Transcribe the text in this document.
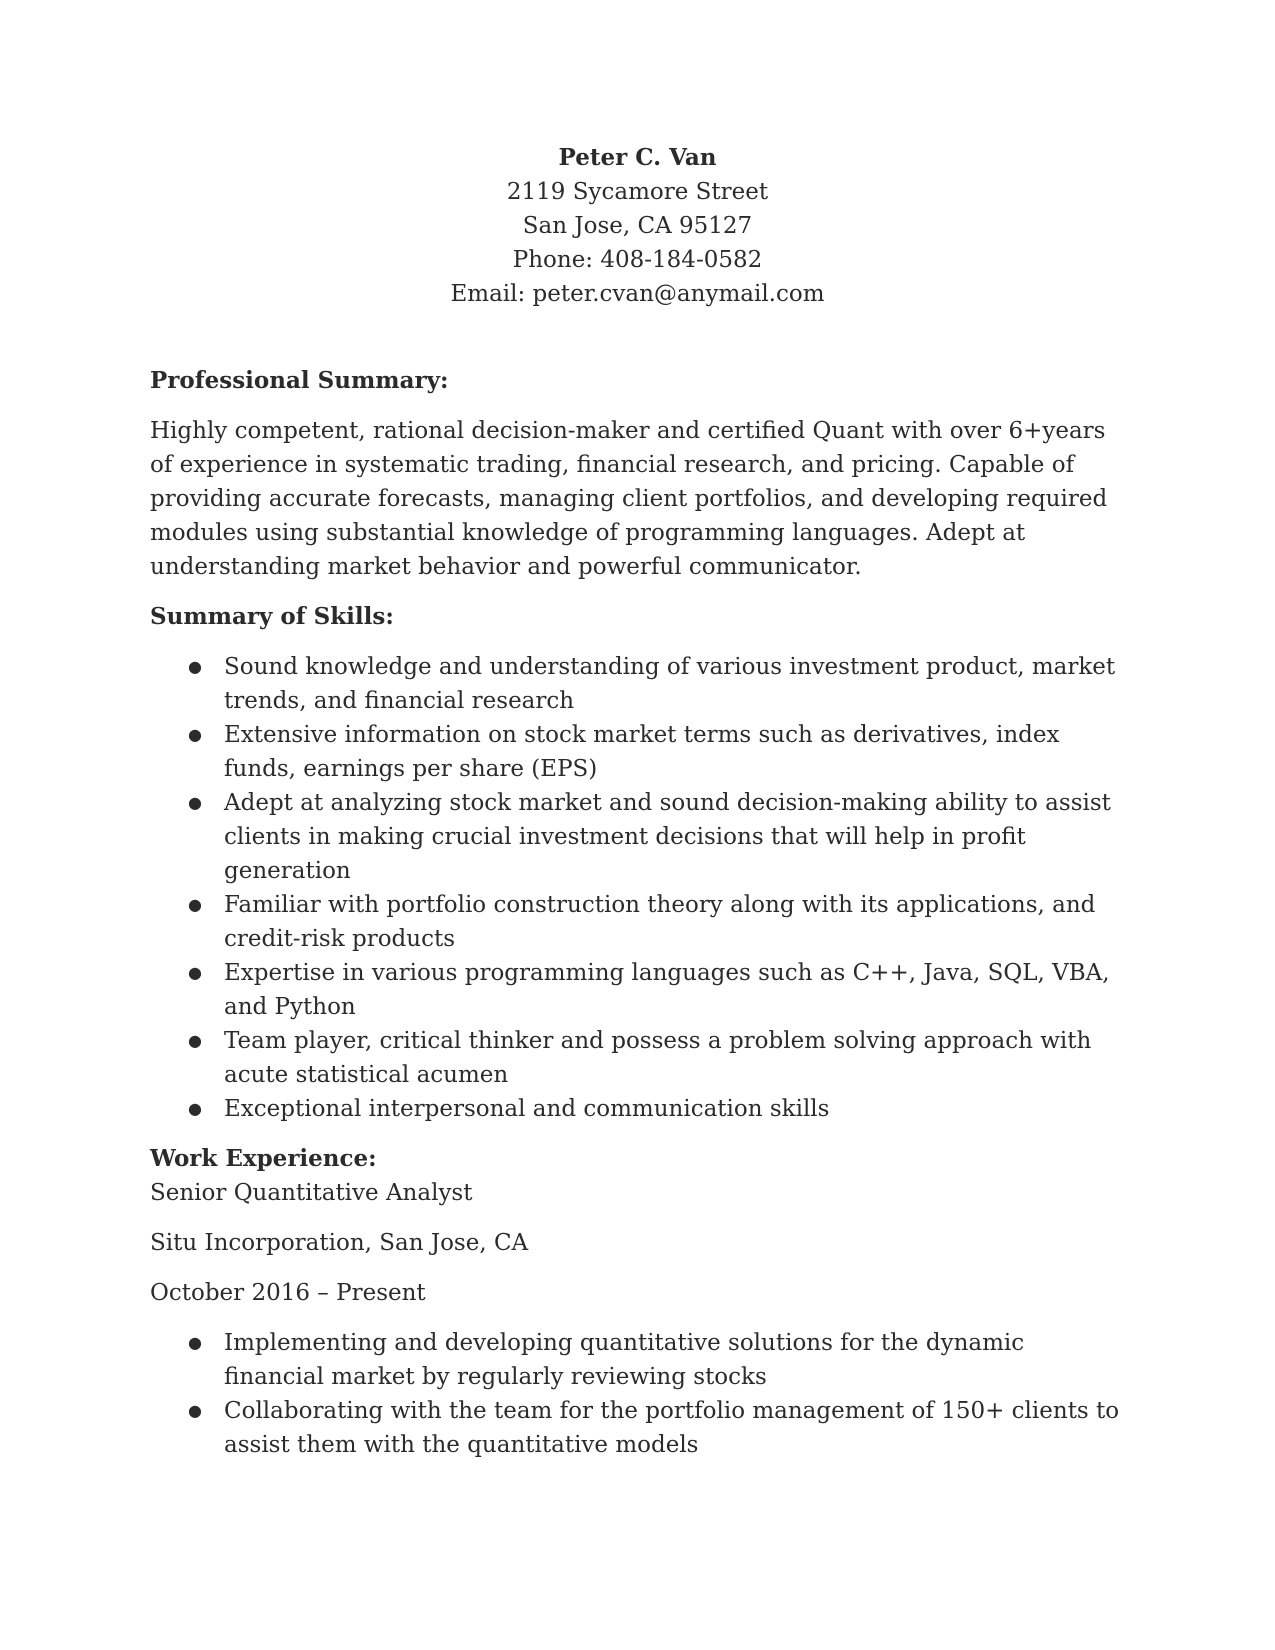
Peter C. Van
2119 Sycamore Street
San Jose, CA 95127
Phone: 408-184-0582
Email: peter.cvan@anymail.com

Professional Summary:

Highly competent, rational decision-maker and certified Quant with over 6+years of experience in systematic trading, financial research, and pricing. Capable of providing accurate forecasts, managing client portfolios, and developing required modules using substantial knowledge of programming languages. Adept at understanding market behavior and powerful communicator.

Summary of Skills:

● Sound knowledge and understanding of various investment product, market trends, and financial research
● Extensive information on stock market terms such as derivatives, index funds, earnings per share (EPS)
● Adept at analyzing stock market and sound decision-making ability to assist clients in making crucial investment decisions that will help in profit generation
● Familiar with portfolio construction theory along with its applications, and credit-risk products
● Expertise in various programming languages such as C++, Java, SQL, VBA, and Python
● Team player, critical thinker and possess a problem solving approach with acute statistical acumen
● Exceptional interpersonal and communication skills

Work Experience:

Senior Quantitative Analyst

Situ Incorporation, San Jose, CA

October 2016 – Present

● Implementing and developing quantitative solutions for the dynamic financial market by regularly reviewing stocks
● Collaborating with the team for the portfolio management of 150+ clients to assist them with the quantitative models
